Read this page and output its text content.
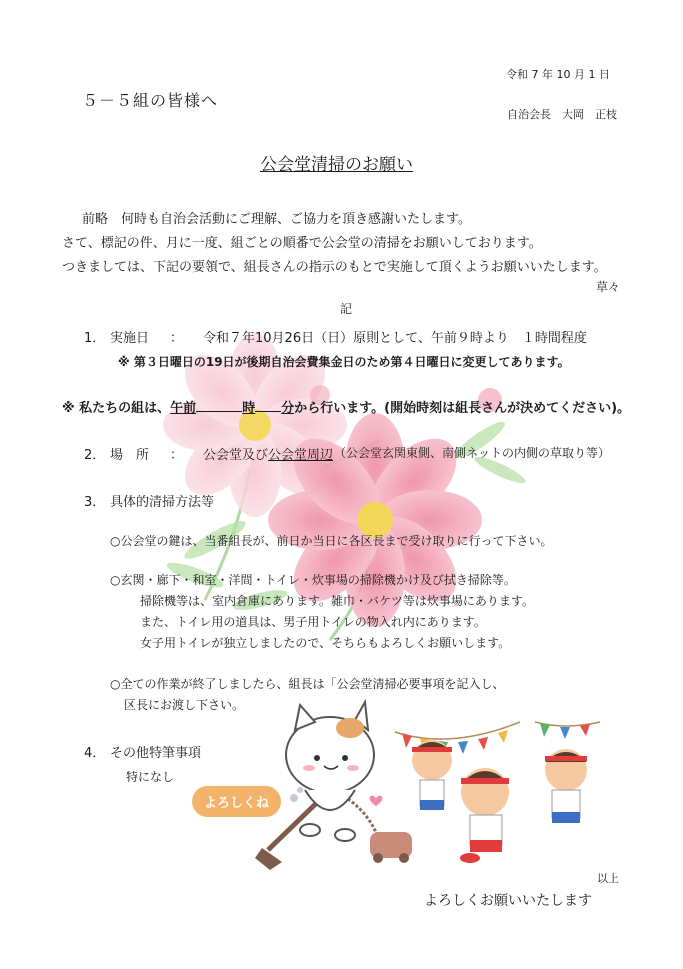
令和 7 年 10 月 1 日
５－５組の皆様へ
自治会長　大岡　正枝
公会堂清掃のお願い
前略　何時も自治会活動にご理解、ご協力を頂き感謝いたします。
さて、標記の件、月に一度、組ごとの順番で公会堂の清掃をお願いしております。
つきましては、下記の要領で、組長さんの指示のもとで実施して頂くようお願いいたします。
草々
記
1． 実施日 ： 令和７年10月26日（日）原則として、午前９時より　１時間程度
※ 第３日曜日の19日が後期自治会費集金日のため第４日曜日に変更してあります。
※ 私たちの組は、午前	時 分から行います。(開始時刻は組長さんが決めてください)。
2． 場　所 ： 公会堂及び公会堂周辺 （公会堂玄関東側、南側ネットの内側の草取り等）
3． 具体的清掃方法等
○公会堂の鍵は、当番組長が、前日か当日に各区長まで受け取りに行って下さい。
○玄関・廊下・和室・洋間・トイレ・炊事場の掃除機かけ及び拭き掃除等。
掃除機等は、室内倉庫にあります。雑巾・バケツ等は炊事場にあります。
また、トイレ用の道具は、男子用トイレの物入れ内にあります。
女子用トイレが独立しましたので、そちらもよろしくお願いします。
○全ての作業が終了しましたら、組長は「公会堂清掃必要事項を記入し、
区長にお渡し下さい。
4． その他特筆事項
特になし
よろしくね
以上
よろしくお願いいたします
